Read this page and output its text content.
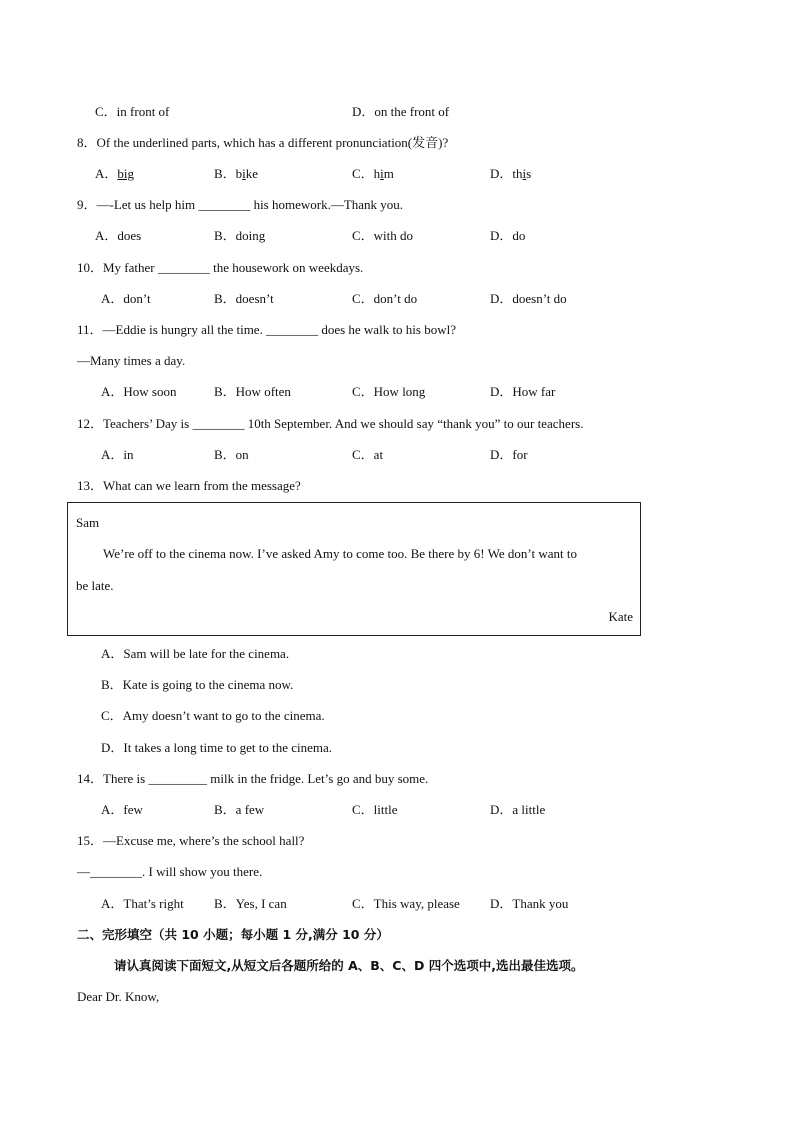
C．in front of	D．on the front of
8．Of the underlined parts, which has a different pronunciation(发音)?
A．big	B．bike	C．him	D．this
9．—-Let us help him ________ his homework.—Thank you.
A．does	B．doing	C．with do	D．do
10．My father ________ the housework on weekdays.
A．don’t	B．doesn’t	C．don’t do	D．doesn’t do
11．—Eddie is hungry all the time. ________ does he walk to his bowl?
—Many times a day.
A．How soon	B．How often	C．How long	D．How far
12．Teachers’ Day is ________ 10th September. And we should say “thank you” to our teachers.
A．in	B．on	C．at	D．for
13．What can we learn from the message?
Sam
We’re off to the cinema now. I’ve asked Amy to come too. Be there by 6! We don’t want to
be late.
Kate
A．Sam will be late for the cinema.
B．Kate is going to the cinema now.
C．Amy doesn’t want to go to the cinema.
D．It takes a long time to get to the cinema.
14．There is _________ milk in the fridge. Let’s go and buy some.
A．few	B．a few	C．little	D．a little
15．—Excuse me, where’s the school hall?
—________. I will show you there.
A．That’s right B．Yes, I can	C．This way, please D．Thank you
二、完形填空（共 10 小题；每小题 1 分,满分 10 分）
请认真阅读下面短文,从短文后各题所给的 A、B、C、D 四个选项中,选出最佳选项。
Dear Dr. Know,
